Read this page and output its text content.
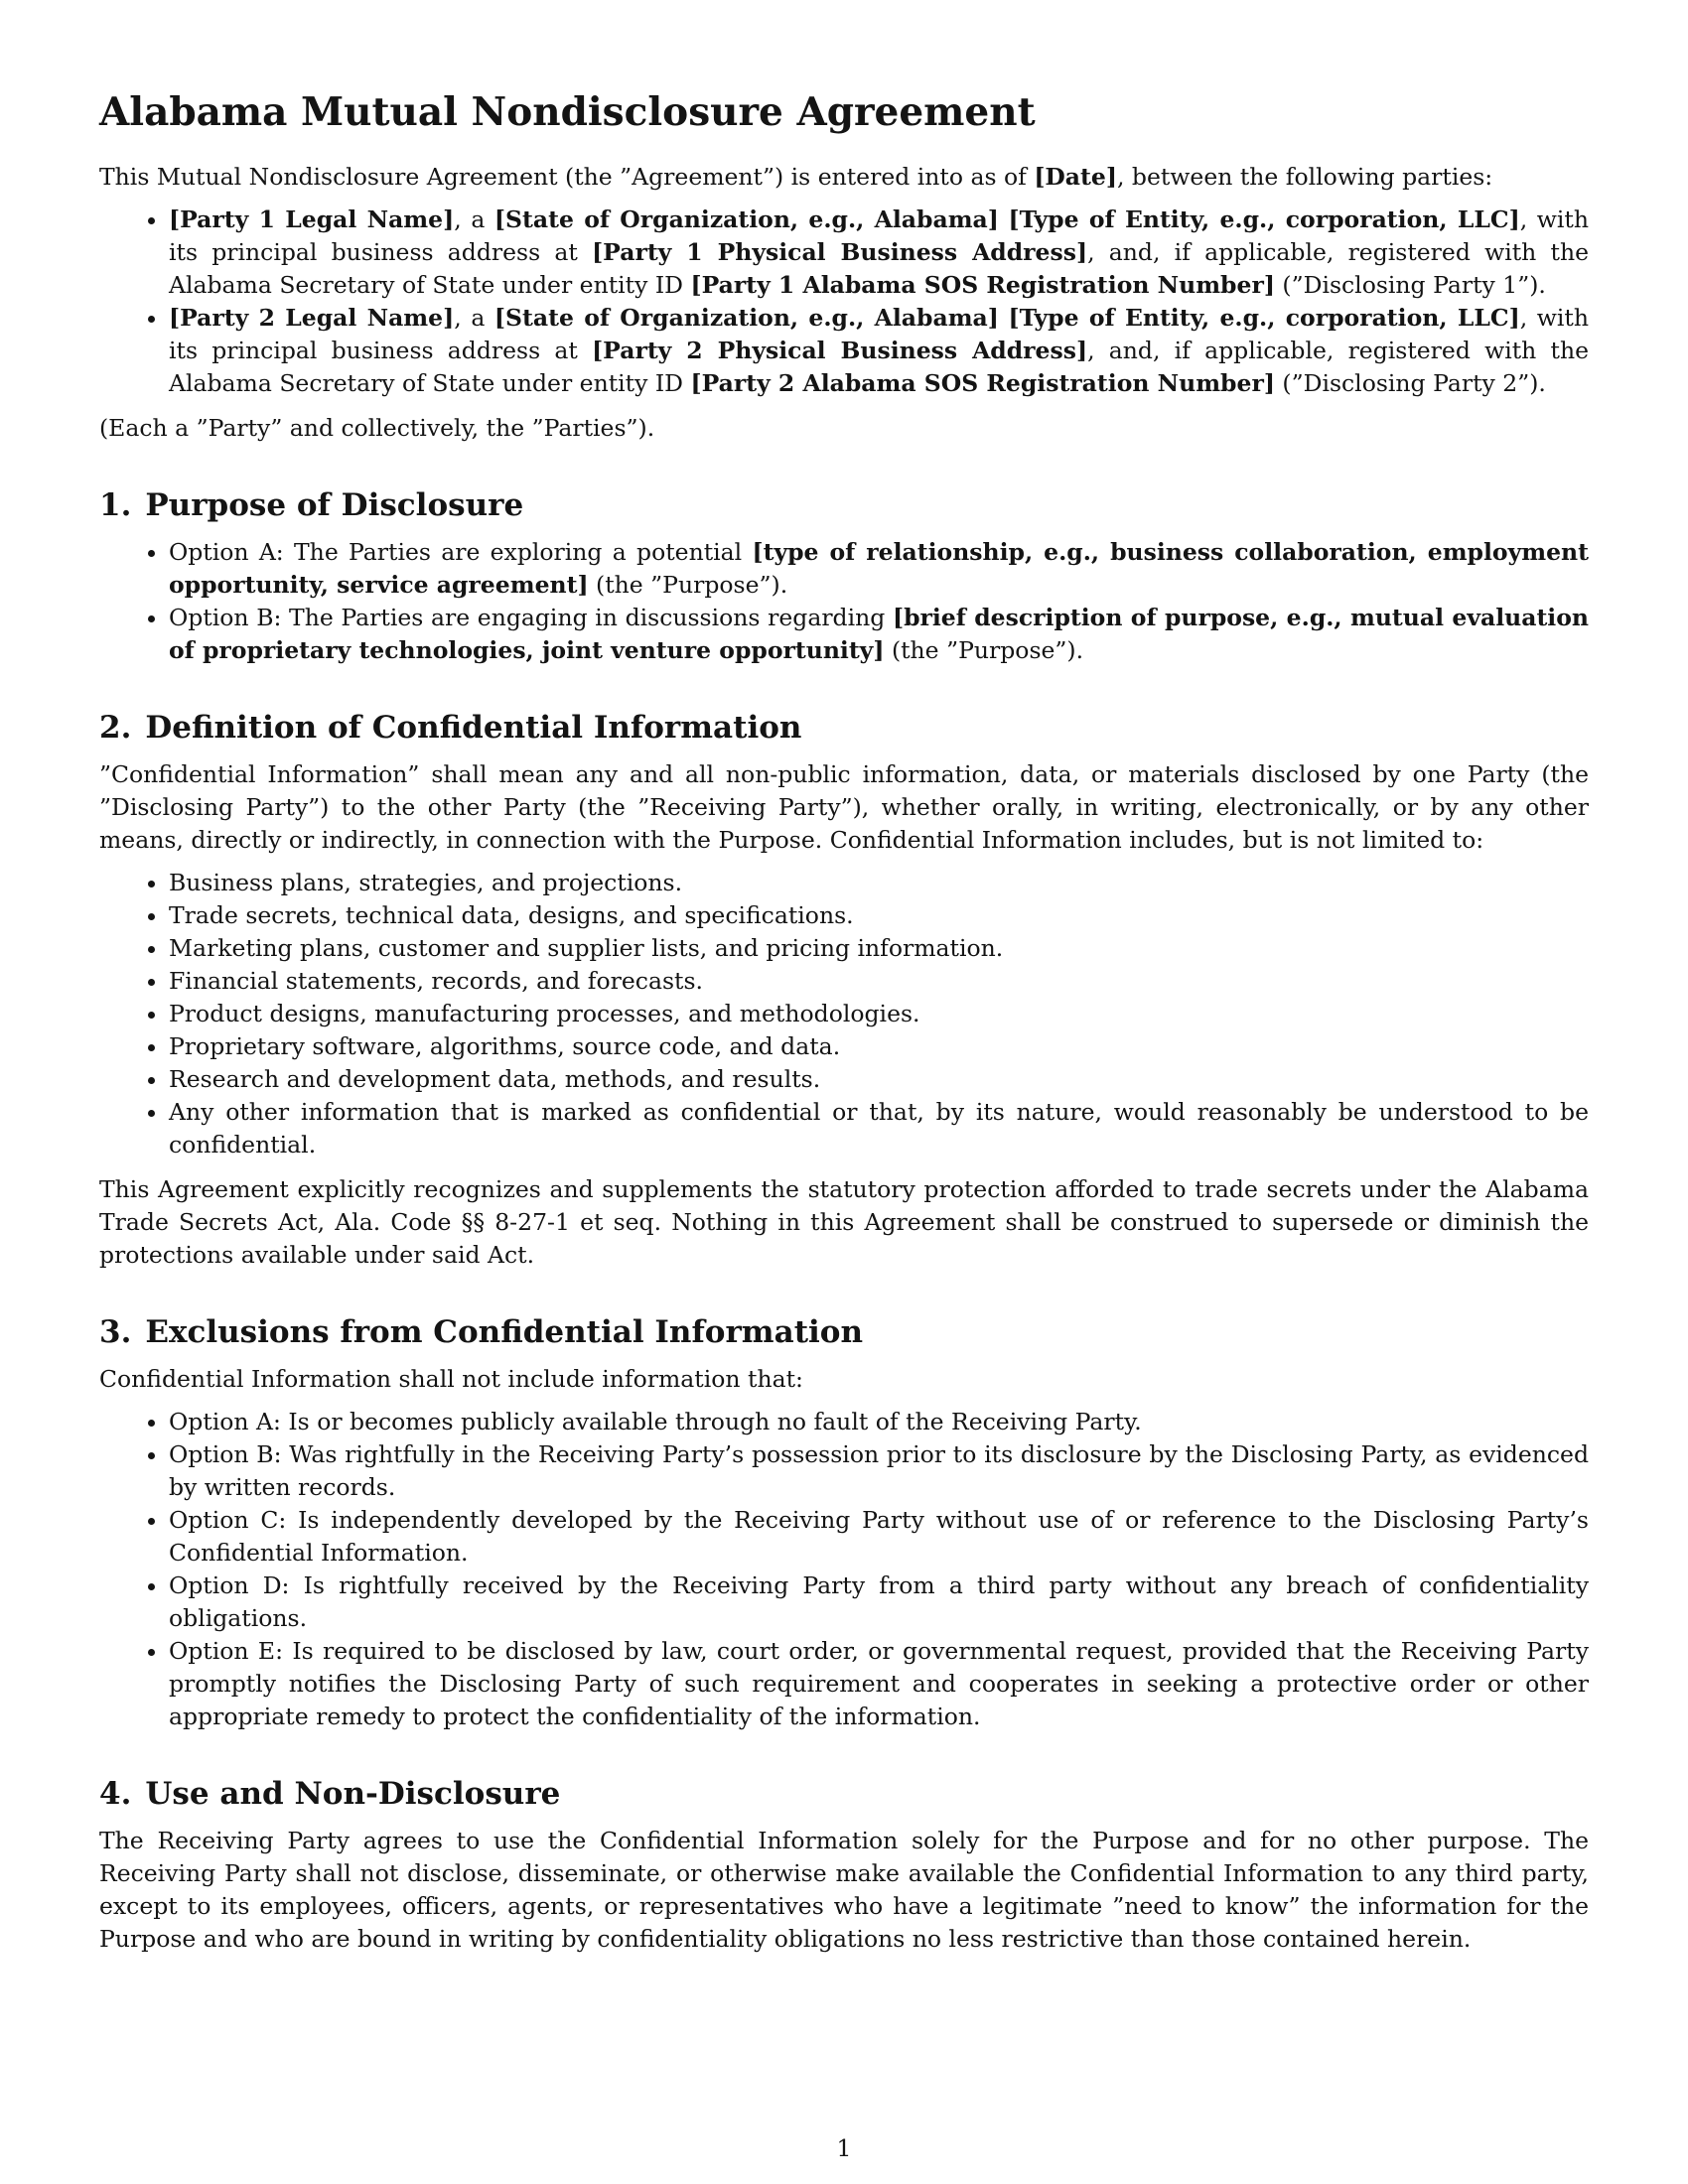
Alabama Mutual Nondisclosure Agreement

This Mutual Nondisclosure Agreement (the ”Agreement”) is entered into as of [Date], between the following parties:

• [Party 1 Legal Name], a [State of Organization, e.g., Alabama] [Type of Entity, e.g., corporation, LLC], with its principal business address at [Party 1 Physical Business Address], and, if applicable, registered with the Alabama Secretary of State under entity ID [Party 1 Alabama SOS Registration Number] (”Disclosing Party 1”).
• [Party 2 Legal Name], a [State of Organization, e.g., Alabama] [Type of Entity, e.g., corporation, LLC], with its principal business address at [Party 2 Physical Business Address], and, if applicable, registered with the Alabama Secretary of State under entity ID [Party 2 Alabama SOS Registration Number] (”Disclosing Party 2”).

(Each a ”Party” and collectively, the ”Parties”).

1. Purpose of Disclosure
• Option A: The Parties are exploring a potential [type of relationship, e.g., business collaboration, employment opportunity, service agreement] (the ”Purpose”).
• Option B: The Parties are engaging in discussions regarding [brief description of purpose, e.g., mutual evaluation of proprietary technologies, joint venture opportunity] (the ”Purpose”).
2. Definition of Confidential Information

”Confidential Information” shall mean any and all non-public information, data, or materials disclosed by one Party (the ”Disclosing Party”) to the other Party (the ”Receiving Party”), whether orally, in writing, electronically, or by any other means, directly or indirectly, in connection with the Purpose. Confidential Information includes, but is not limited to:

• Business plans, strategies, and projections.
• Trade secrets, technical data, designs, and specifications.
• Marketing plans, customer and supplier lists, and pricing information.
• Financial statements, records, and forecasts.
• Product designs, manufacturing processes, and methodologies.
• Proprietary software, algorithms, source code, and data.
• Research and development data, methods, and results.
• Any other information that is marked as confidential or that, by its nature, would reasonably be understood to be confidential.

This Agreement explicitly recognizes and supplements the statutory protection afforded to trade secrets under the Alabama Trade Secrets Act, Ala. Code §§ 8-27-1 et seq. Nothing in this Agreement shall be construed to supersede or diminish the protections available under said Act.

3. Exclusions from Confidential Information

Confidential Information shall not include information that:

• Option A: Is or becomes publicly available through no fault of the Receiving Party.
• Option B: Was rightfully in the Receiving Party’s possession prior to its disclosure by the Disclosing Party, as evidenced by written records.
• Option C: Is independently developed by the Receiving Party without use of or reference to the Disclosing Party’s Confidential Information.
• Option D: Is rightfully received by the Receiving Party from a third party without any breach of confidentiality obligations.
• Option E: Is required to be disclosed by law, court order, or governmental request, provided that the Receiving Party promptly notifies the Disclosing Party of such requirement and cooperates in seeking a protective order or other appropriate remedy to protect the confidentiality of the information.
4. Use and Non-Disclosure

The Receiving Party agrees to use the Confidential Information solely for the Purpose and for no other purpose. The Receiving Party shall not disclose, disseminate, or otherwise make available the Confidential Information to any third party, except to its employees, officers, agents, or representatives who have a legitimate ”need to know” the information for the Purpose and who are bound in writing by confidentiality obligations no less restrictive than those contained herein.

1
